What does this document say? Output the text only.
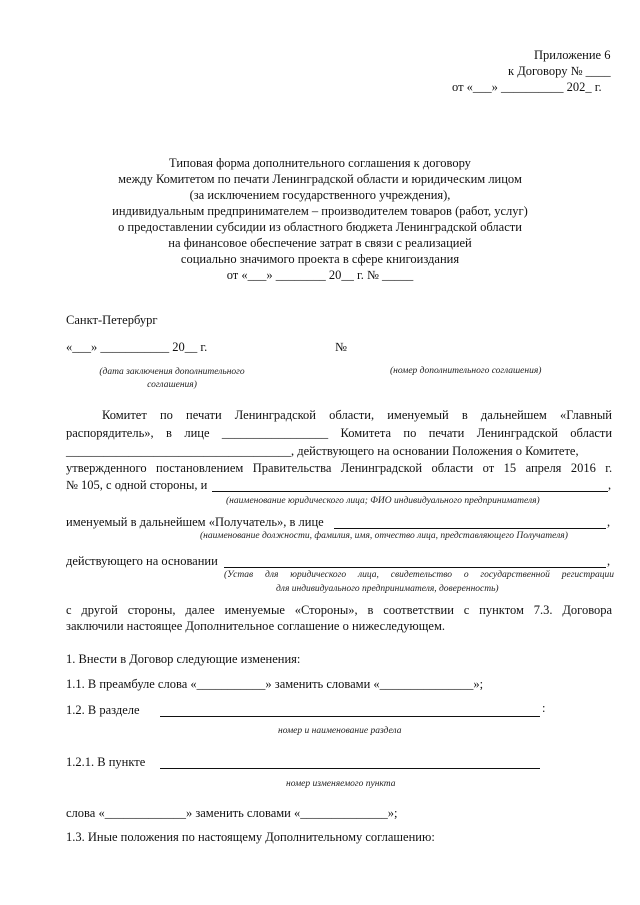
Приложение 6
к Договору № ____
от «___» __________ 202_ г.
Типовая форма дополнительного соглашения к договору
между Комитетом по печати Ленинградской области и юридическим лицом
(за исключением государственного учреждения),
индивидуальным предпринимателем – производителем товаров (работ, услуг)
о предоставлении субсидии из областного бюджета Ленинградской области
на финансовое обеспечение затрат в связи с реализацией
социально значимого проекта в сфере книгоиздания
от «___» ________ 20__ г. № _____
Санкт-Петербург
«___» ___________ 20__ г.	№
(дата заключения дополнительного
соглашения)
(номер дополнительного соглашения)
Комитет по печати Ленинградской области, именуемый в дальнейшем «Главный
распорядитель», в лице _________________ Комитета по печати Ленинградской области
____________________________________, действующего на основании Положения о Комитете,
утвержденного постановлением Правительства Ленинградской области от 15 апреля 2016 г.
№ 105, с одной стороны, и	,
(наименование юридического лица; ФИО индивидуального предпринимателя)
именуемый в дальнейшем «Получатель», в лице	,
(наименование должности, фамилия, имя, отчество лица, представляющего Получателя)
действующего на основании	,
(Устав для юридического лица, свидетельство о государственной регистрации
для индивидуального предпринимателя, доверенность)
с другой стороны, далее именуемые «Стороны», в соответствии с пунктом 7.3. Договора
заключили настоящее Дополнительное соглашение о нижеследующем.
1. Внести в Договор следующие изменения:
1.1. В преамбуле слова «___________» заменить словами «_______________»;
1.2. В разделе	:
номер и наименование раздела
1.2.1. В пункте
номер изменяемого пункта
слова «_____________» заменить словами «______________»;
1.3. Иные положения по настоящему Дополнительному соглашению:
